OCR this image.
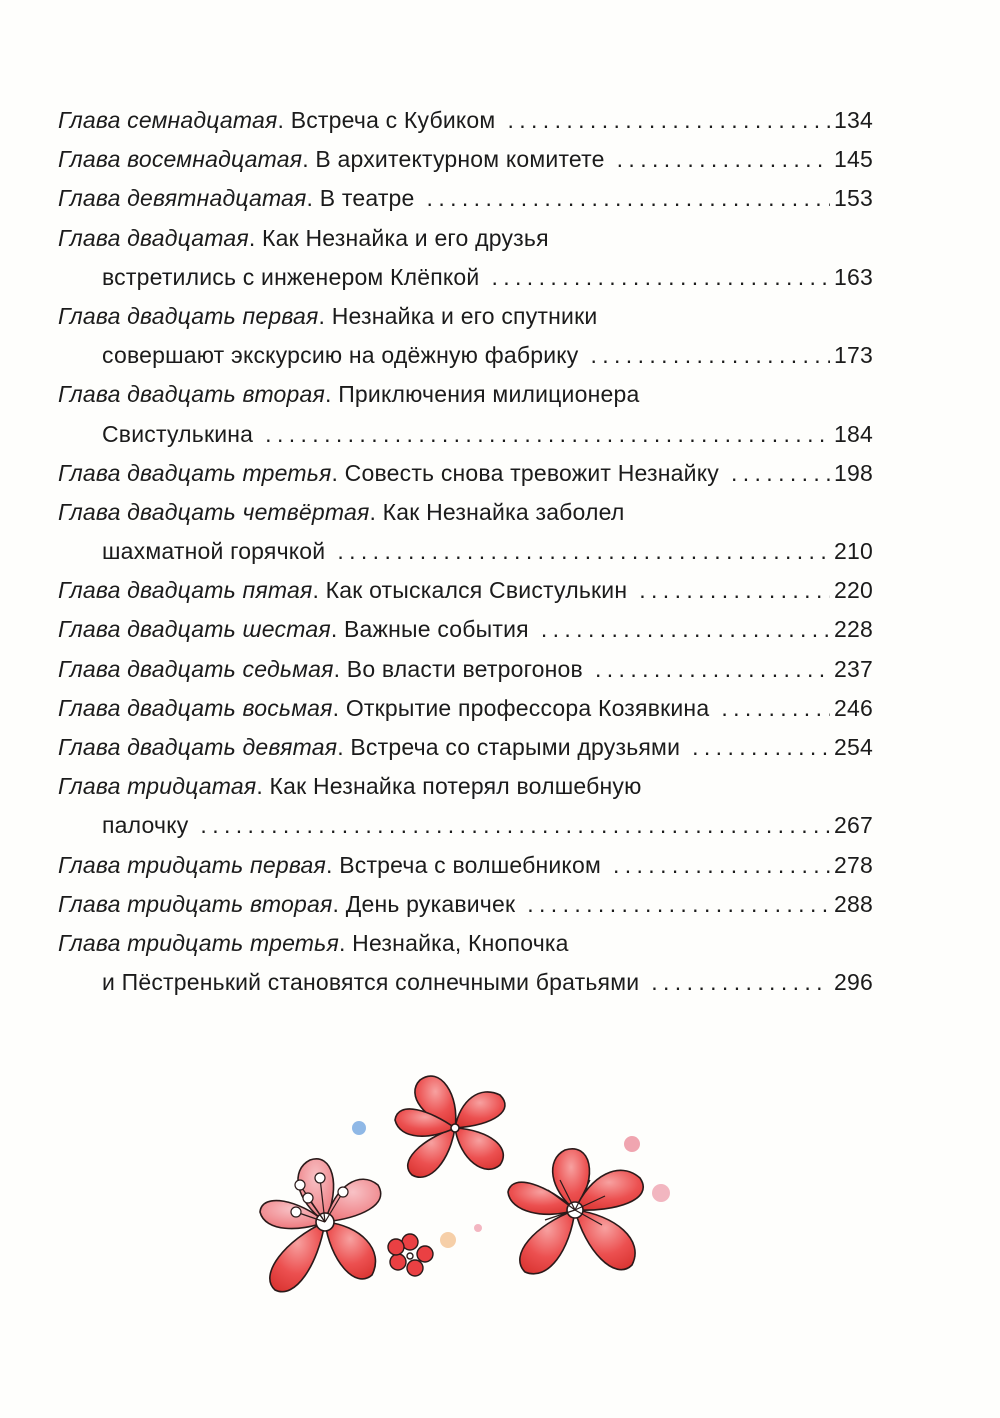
Глава семнадцатая. Встреча с Кубиком . . .	134
Глава восемнадцатая. В архитектурном комитете . . .	145
Глава девятнадцатая. В театре . . .	153
Глава двадцатая. Как Незнайка и его друзья
встретились с инженером Клёпкой . . .	163
Глава двадцать первая. Незнайка и его спутники
совершают экскурсию на одёжную фабрику . . .	173
Глава двадцать вторая. Приключения милиционера
Свистулькина . . .	184
Глава двадцать третья. Совесть снова тревожит Незнайку . . .	198
Глава двадцать четвёртая. Как Незнайка заболел
шахматной горячкой . . .	210
Глава двадцать пятая. Как отыскался Свистулькин . . .	220
Глава двадцать шестая. Важные события . . .	228
Глава двадцать седьмая. Во власти ветрогонов . . .	237
Глава двадцать восьмая. Открытие профессора Козявкина . . .	246
Глава двадцать девятая. Встреча со старыми друзьями . . .	254
Глава тридцатая. Как Незнайка потерял волшебную
палочку . . .	267
Глава тридцать первая. Встреча с волшебником . . .	278
Глава тридцать вторая. День рукавичек . . .	288
Глава тридцать третья. Незнайка, Кнопочка
и Пёстренький становятся солнечными братьями . . .	296
